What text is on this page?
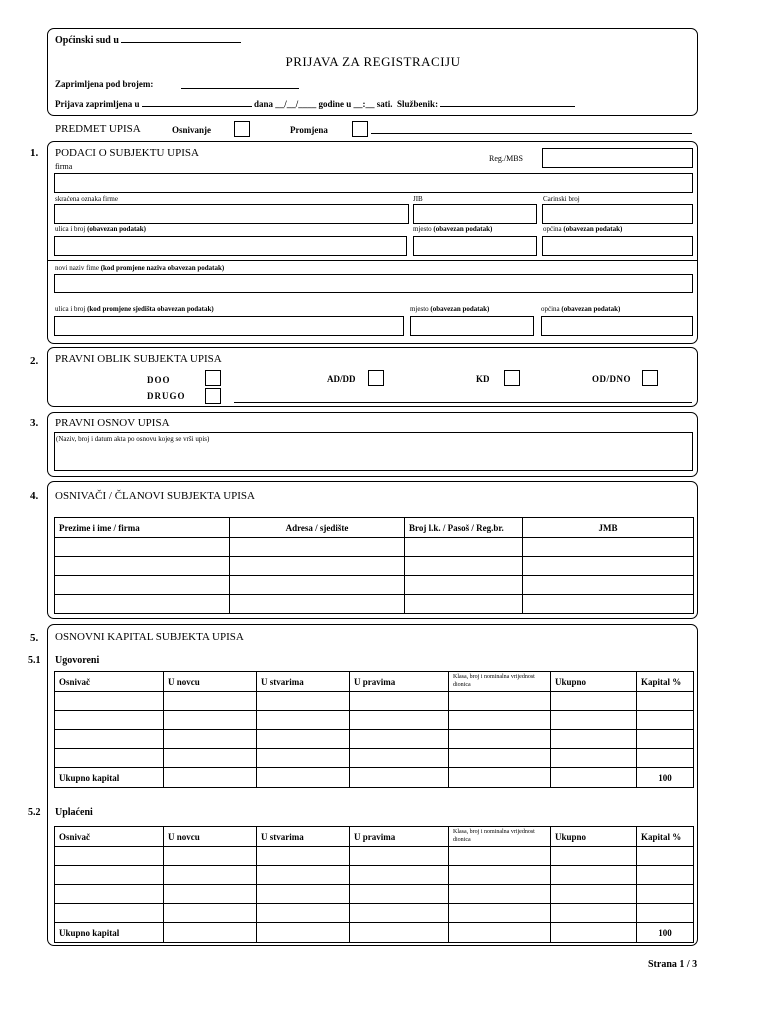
Općinski sud u
PRIJAVA ZA REGISTRACIJU
Zaprimljena pod brojem:
Prijava zaprimljena u	dana __/__/____ godine u __:__ sati. Službenik:
PREDMET UPISA	Osnivanje	Promjena
1. PODACI O SUBJEKTU UPISA
firma
Reg./MBS
skraćena oznaka firme	JIB	Carinski broj
ulica i broj (obavezan podatak)	mjesto (obavezan podatak)	općina (obavezan podatak)
novi naziv fime (kod promjene naziva obavezan podatak)
ulica i broj (kod promjene sjedišta obavezan podatak)	mjesto (obavezan podatak)	općina (obavezan podatak)
2. PRAVNI OBLIK SUBJEKTA UPISA
DOO
DRUGO
AD/DD	KD	OD/DNO
3. PRAVNI OSNOV UPISA
(Naziv, broj i datum akta po osnovu kojeg se vrši upis)
4. OSNIVAČI / ČLANOVI SUBJEKTA UPISA
Prezime i ime / firma	Adresa / sjedište	Broj l.k. / Pasoš / Reg.br.	JMB

5. OSNOVNI KAPITAL SUBJEKTA UPISA
5.1 Ugovoreni
Osnivač	U novcu	U stvarima	U pravima	Klasa, broj i nominalna vrijednost dionica	Ukupno	Kapital %

Ukupno kapital						100
5.2 Uplaćeni
Osnivač	U novcu	U stvarima	U pravima	Klasa, broj i nominalna vrijednost dionica	Ukupno	Kapital %

Ukupno kapital						100
Strana 1 / 3
